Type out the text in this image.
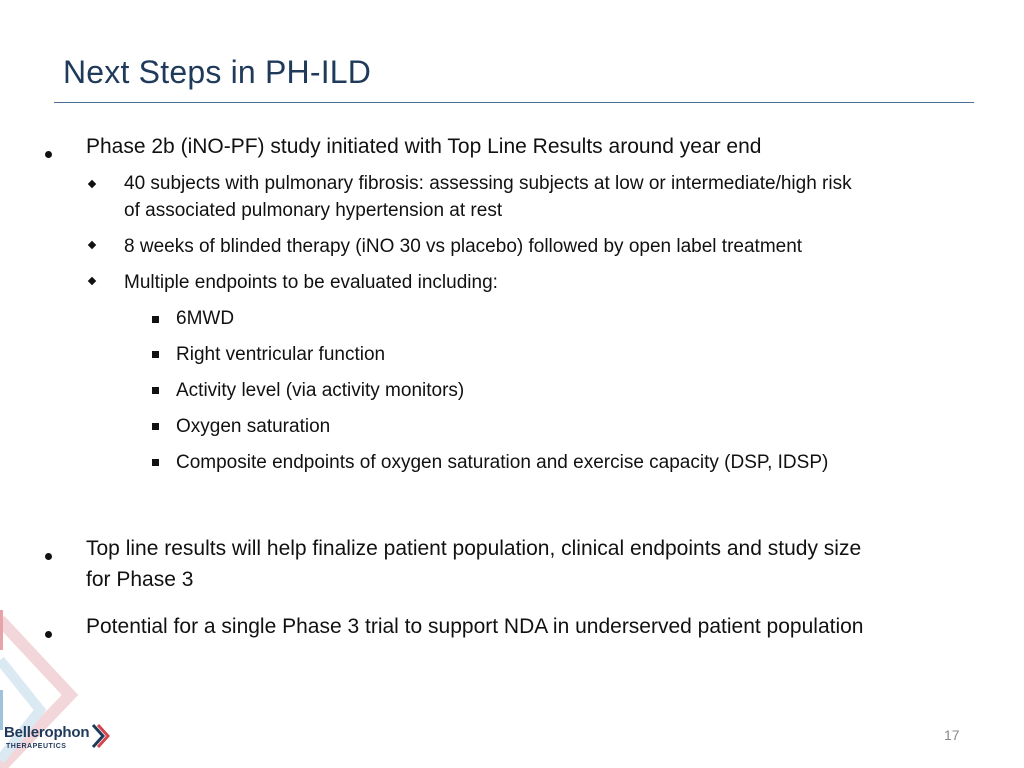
Next Steps in PH-ILD
Phase 2b (iNO-PF) study initiated with Top Line Results around year end
40 subjects with pulmonary fibrosis: assessing subjects at low or intermediate/high risk
of associated pulmonary hypertension at rest
8 weeks of blinded therapy (iNO 30 vs placebo) followed by open label treatment
Multiple endpoints to be evaluated including:
6MWD
Right ventricular function
Activity level (via activity monitors)
Oxygen saturation
Composite endpoints of oxygen saturation and exercise capacity (DSP, IDSP)
Top line results will help finalize patient population, clinical endpoints and study size
for Phase 3
Potential for a single Phase 3 trial to support NDA in underserved patient population
Bellerophon
THERAPEUTICS
17
